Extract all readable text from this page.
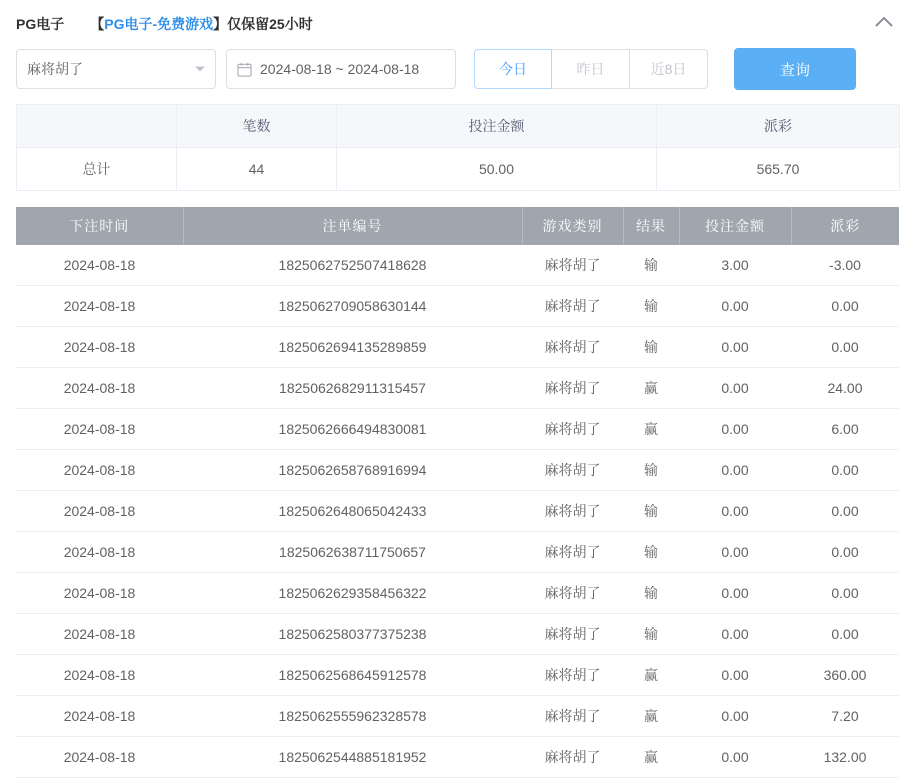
PG电子 【PG电子-免费游戏】仅保留25小时
麻将胡了	2024-08-18 ~ 2024-08-18	今日	昨日	近8日	查询
	笔数	投注金额	派彩
总计	44	50.00	565.70
下注时间	注单编号	游戏类别	结果	投注金额	派彩
2024-08-18	1825062752507418628	麻将胡了	输	3.00	-3.00
2024-08-18	1825062709058630144	麻将胡了	输	0.00	0.00
2024-08-18	1825062694135289859	麻将胡了	输	0.00	0.00
2024-08-18	1825062682911315457	麻将胡了	赢	0.00	24.00
2024-08-18	1825062666494830081	麻将胡了	赢	0.00	6.00
2024-08-18	1825062658768916994	麻将胡了	输	0.00	0.00
2024-08-18	1825062648065042433	麻将胡了	输	0.00	0.00
2024-08-18	1825062638711750657	麻将胡了	输	0.00	0.00
2024-08-18	1825062629358456322	麻将胡了	输	0.00	0.00
2024-08-18	1825062580377375238	麻将胡了	输	0.00	0.00
2024-08-18	1825062568645912578	麻将胡了	赢	0.00	360.00
2024-08-18	1825062555962328578	麻将胡了	赢	0.00	7.20
2024-08-18	1825062544885181952	麻将胡了	赢	0.00	132.00
